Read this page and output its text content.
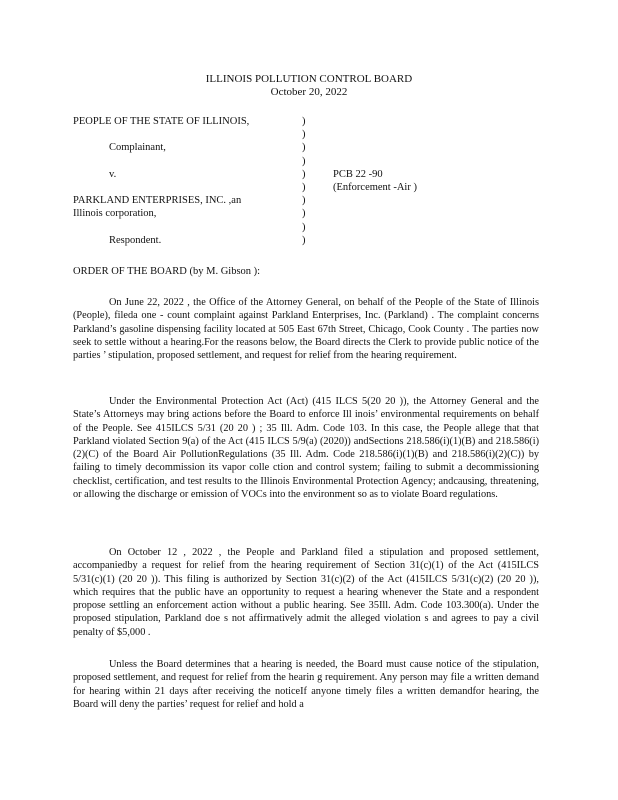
ILLINOIS POLLUTION CONTROL BOARD
October 20, 2022
PEOPLE OF THE STATE OF ILLINOIS,
Complainant,
v.
PARKLAND ENTERPRISES, INC. ,an
Illinois corporation,
Respondent.
)
)
)
)
)
)
)
)
)
)
PCB 22 -90
(Enforcement -Air )
ORDER OF THE BOARD (by M. Gibson ):

On June 22, 2022 , the Office of the Attorney General, on behalf of the People of the State of Illinois (People), fileda one - count complaint against Parkland Enterprises, Inc. (Parkland) . The complaint concerns Parkland’s gasoline dispensing facility located at 505 East 67th Street, Chicago, Cook County . The parties now seek to settle without a hearing.For the reasons below, the Board directs the Clerk to provide public notice of the parties ’ stipulation, proposed settlement, and request for relief from the hearing requirement.

Under the Environmental Protection Act (Act) (415 ILCS 5(20 20 )), the Attorney General and the State’s Attorneys may bring actions before the Board to enforce Ill inois’ environmental requirements on behalf of the People. See 415ILCS 5/31 (20 20 ) ; 35 Ill. Adm. Code 103. In this case, the People allege that that Parkland violated Section 9(a) of the Act (415 ILCS 5/9(a) (2020)) andSections 218.586(i)(1)(B) and 218.586(i)(2)(C) of the Board Air PollutionRegulations (35 Ill. Adm. Code 218.586(i)(1)(B) and 218.586(i)(2)(C)) by failing to timely decommission its vapor colle ction and control system; failing to submit a decommissioning checklist, certification, and test results to the Illinois Environmental Protection Agency; andcausing, threatening, or allowing the discharge or emission of VOCs into the environment so as to violate Board regulations.

On October 12 , 2022 , the People and Parkland filed a stipulation and proposed settlement, accompaniedby a request for relief from the hearing requirement of Section 31(c)(1) of the Act (415ILCS 5/31(c)(1) (20 20 )). This filing is authorized by Section 31(c)(2) of the Act (415ILCS 5/31(c)(2) (20 20 )), which requires that the public have an opportunity to request a hearing whenever the State and a respondent propose settling an enforcement action without a public hearing. See 35Ill. Adm. Code 103.300(a). Under the proposed stipulation, Parkland doe s not affirmatively admit the alleged violation s and agrees to pay a civil penalty of $5,000 .

Unless the Board determines that a hearing is needed, the Board must cause notice of the stipulation, proposed settlement, and request for relief from the hearin g requirement. Any person may file a written demand for hearing within 21 days after receiving the noticeIf anyone timely files a written demandfor hearing, the Board will deny the parties’ request for relief and hold a
